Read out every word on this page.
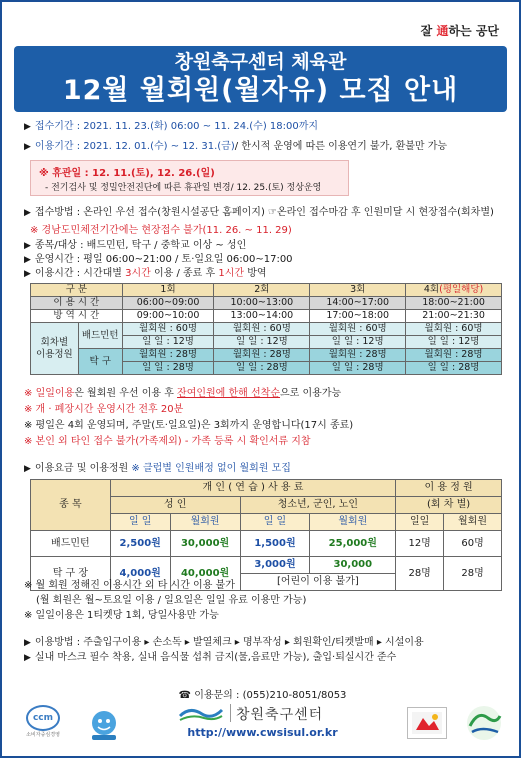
잘 通하는 공단
창원축구센터 체육관
12월 월회원(월자유) 모집 안내
▶ 접수기간 : 2021. 11. 23.(화) 06:00 ~ 11. 24.(수) 18:00까지
▶ 이용기간 : 2021. 12. 01.(수) ~ 12. 31.(금)/ 한시적 운영에 따른 이용연기 불가, 환불만 가능
※ 휴관일 : 12. 11.(토), 12. 26.(일)
- 전기검사 및 정밀안전진단에 따른 휴관일 변경/ 12. 25.(토) 정상운영
▶ 접수방법 : 온라인 우선 접수(창원시설공단 홈페이지) ☞온라인 접수마감 후 인원미달 시 현장접수(회차별)
※ 경남도민체전기간에는 현장접수 불가(11. 26. ~ 11. 29)
▶ 종목/대상 : 배드민턴, 탁구 / 중학교 이상 ~ 성인
▶ 운영시간 : 평일 06:00~21:00 / 토·일요일 06:00~17:00
▶ 이용시간 : 시간대별 3시간 이용 / 종료 후 1시간 방역
구 분		1회	2회	3회	4회(평일해당)
이 용 시 간		06:00~09:00	10:00~13:00	14:00~17:00	18:00~21:00
방 역 시 간		09:00~10:00	13:00~14:00	17:00~18:00	21:00~21:30
회차별
이용정원	배드민턴	월회원 : 60명	월회원 : 60명	월회원 : 60명	월회원 : 60명
		일 일 : 12명	일 일 : 12명	일 일 : 12명	일 일 : 12명
	탁 구	월회원 : 28명	월회원 : 28명	월회원 : 28명	월회원 : 28명
		일 일 : 28명	일 일 : 28명	일 일 : 28명	일 일 : 28명
※ 일일이용은 월회원 우선 이용 후 잔여인원에 한해 선착순으로 이용가능
※ 개 · 폐장시간 운영시간 전후 20분
※ 평일은 4회 운영되며, 주말(토·일요일)은 3회까지 운영합니다(17시 종료)
※ 본인 외 타인 접수 불가(가족제외) - 가족 등록 시 확인서류 지참
▶ 이용요금 및 이용정원 ※ 클럽별 인원배정 없이 월회원 모집
종 목	개 인 ( 연 습 ) 사 용 료				이 용 정 원	
	성 인		청소년, 군인, 노인		(회 차 별)	
	일 일	월회원	일 일	월회원	일일	월회원
배드민턴	2,500원	30,000원	1,500원	25,000원	12명	60명
탁 구 장	4,000원	40,000원	3,000원	30,000	28명	28명
			[어린이 이용 불가]			
※ 월 회원 정해진 이용시간 외 타 시간 이용 불가
(월 회원은 월~토요일 이용 / 일요일은 일일 유료 이용만 가능)
※ 일일이용은 1티켓당 1회, 당일사용만 가능
▶ 이용방법 : 주출입구이용 ▸ 손소독 ▸ 발열체크 ▸ 명부작성 ▸ 회원확인/티켓발매 ▸ 시설이용
▶ 실내 마스크 필수 착용, 실내 음식물 섭취 금지(물,음료만 가능), 출입·퇴실시간 준수
☎ 이용문의 : (055)210-8051/8053
ccm
소비자중심경영
창원축구센터
http://www.cwsisul.or.kr
